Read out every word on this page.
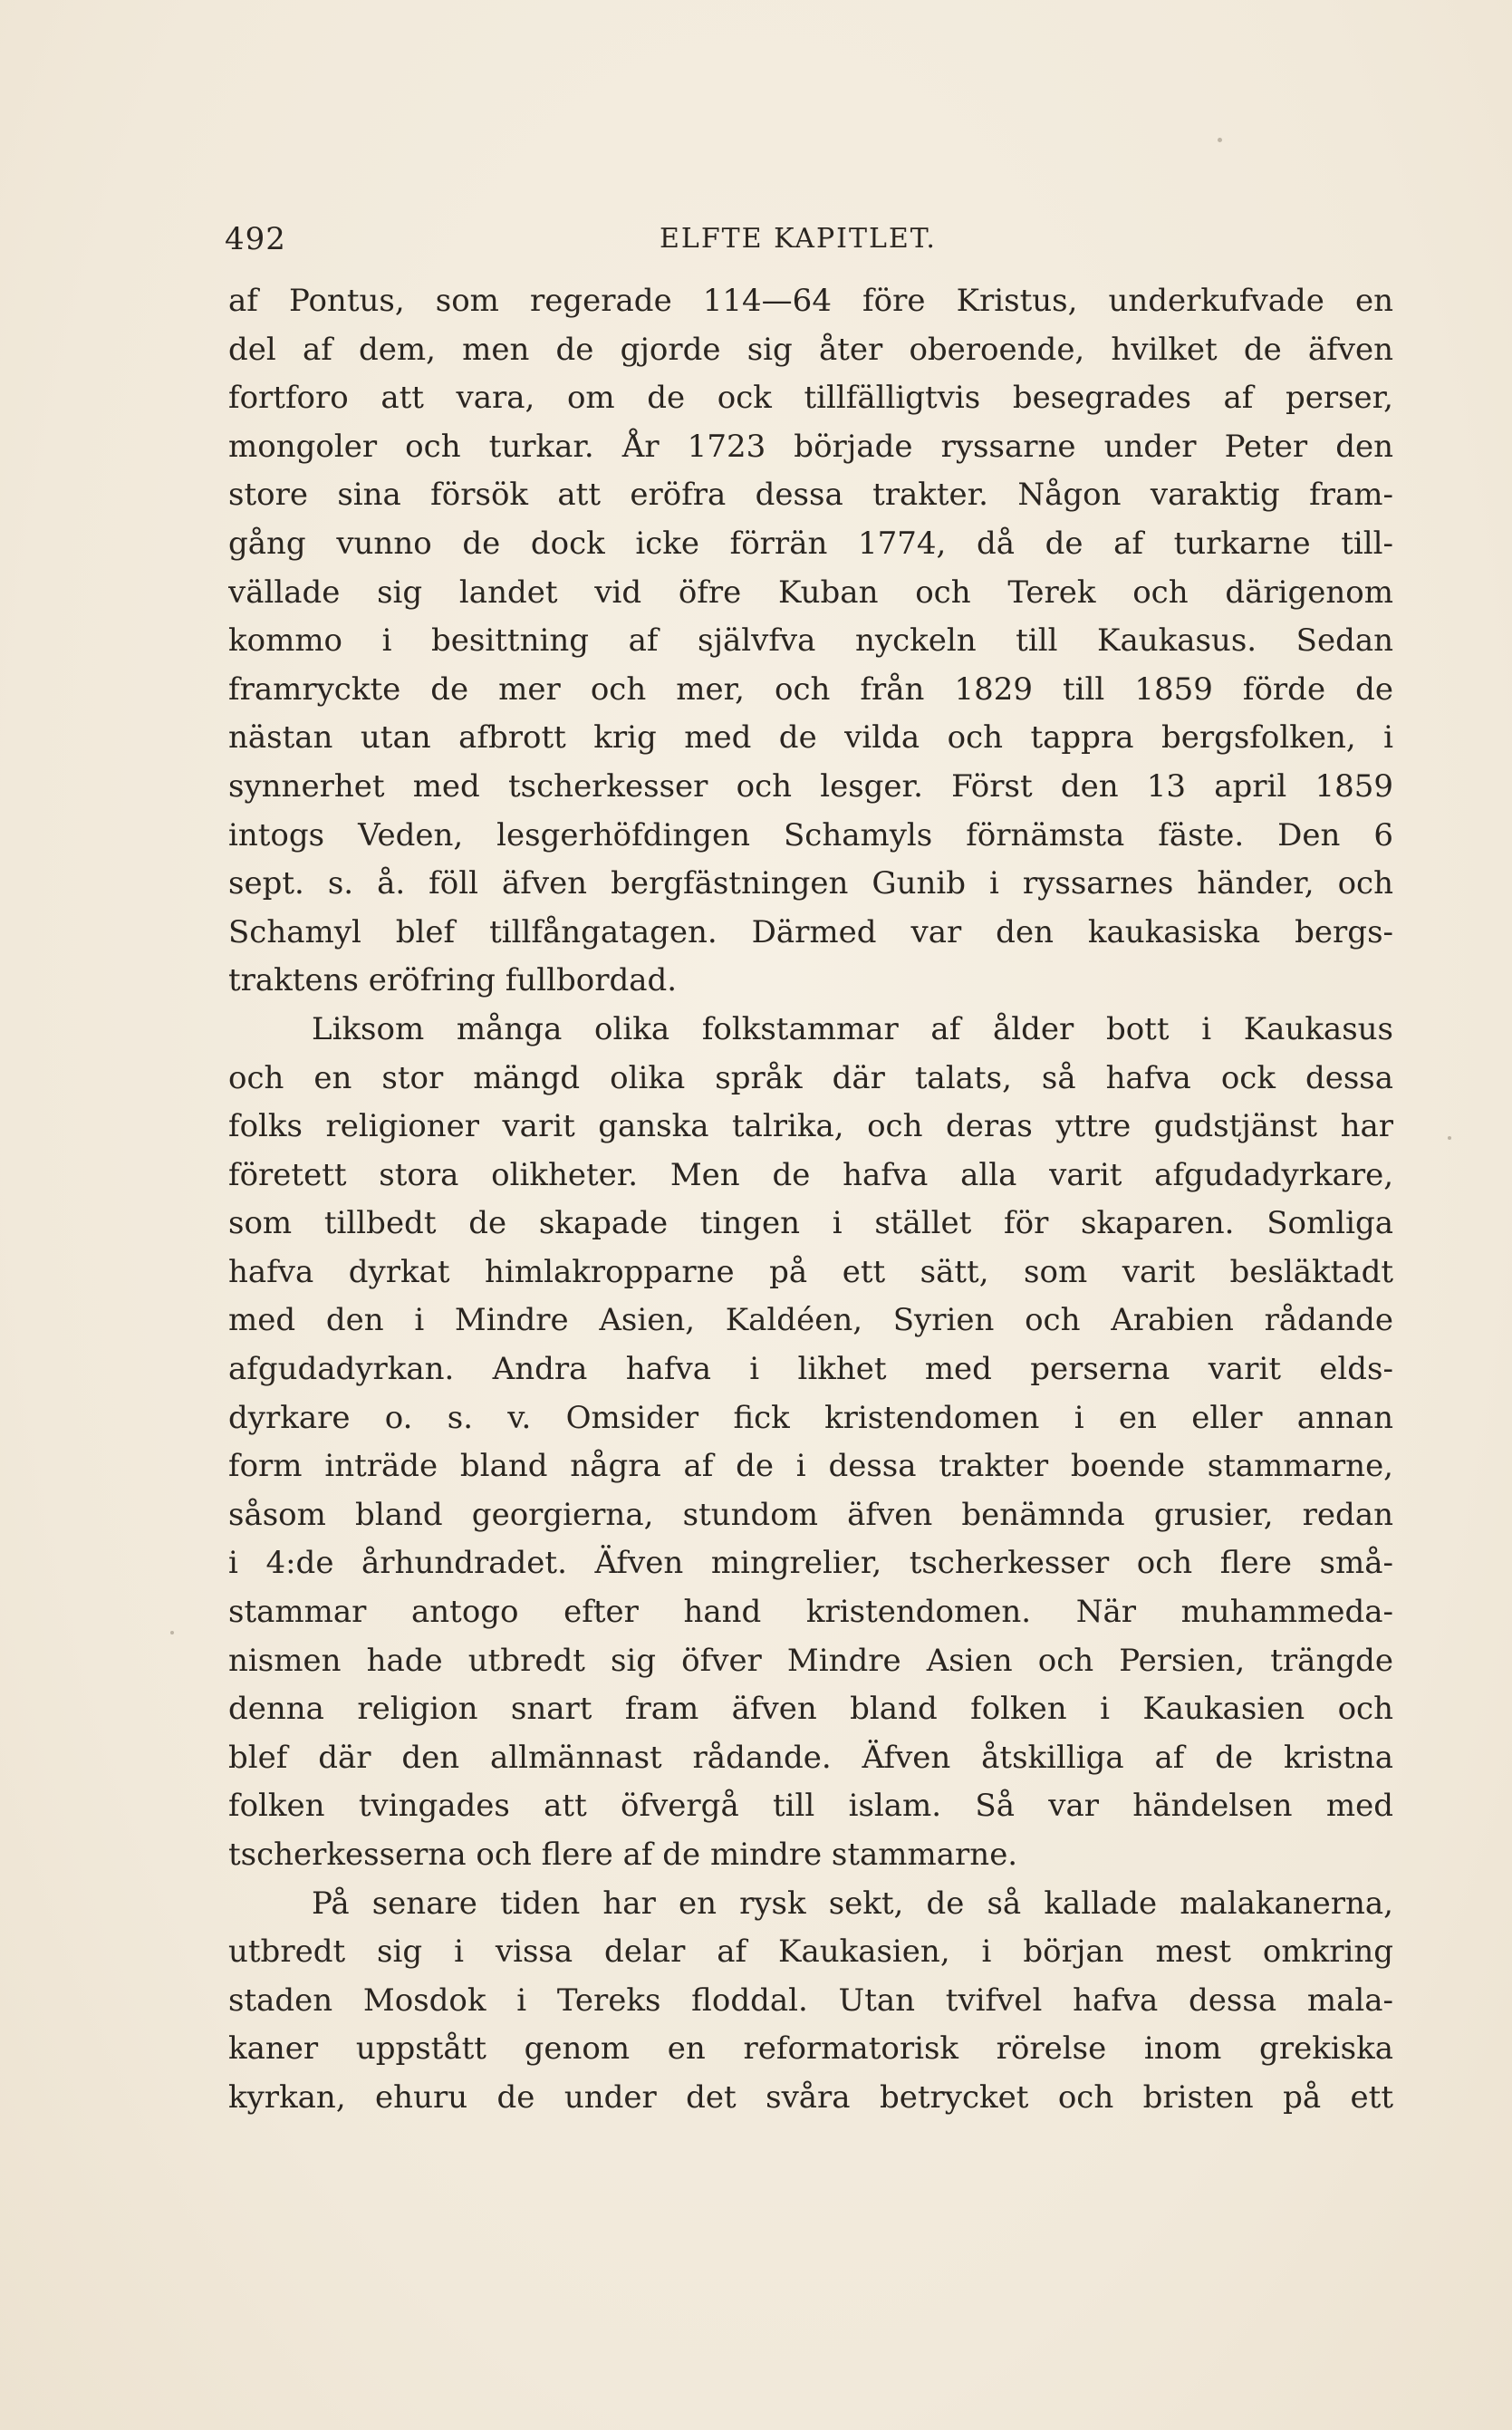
492	ELFTE KAPITLET.
af Pontus, som regerade 114—64 före Kristus, underkufvade en
del af dem, men de gjorde sig åter oberoende, hvilket de äfven
fortforo att vara, om de ock tillfälligtvis besegrades af perser,
mongoler och turkar. År 1723 började ryssarne under Peter den
store sina försök att eröfra dessa trakter. Någon varaktig fram-
gång vunno de dock icke förrän 1774, då de af turkarne till-
vällade sig landet vid öfre Kuban och Terek och därigenom
kommo i besittning af självfva nyckeln till Kaukasus. Sedan
framryckte de mer och mer, och från 1829 till 1859 förde de
nästan utan afbrott krig med de vilda och tappra bergsfolken, i
synnerhet med tscherkesser och lesger. Först den 13 april 1859
intogs Veden, lesgerhöfdingen Schamyls förnämsta fäste. Den 6
sept. s. å. föll äfven bergfästningen Gunib i ryssarnes händer, och
Schamyl blef tillfångatagen. Därmed var den kaukasiska bergs-
traktens eröfring fullbordad.
Liksom många olika folkstammar af ålder bott i Kaukasus
och en stor mängd olika språk där talats, så hafva ock dessa
folks religioner varit ganska talrika, och deras yttre gudstjänst har
företett stora olikheter. Men de hafva alla varit afgudadyrkare,
som tillbedt de skapade tingen i stället för skaparen. Somliga
hafva dyrkat himlakropparne på ett sätt, som varit besläktadt
med den i Mindre Asien, Kaldéen, Syrien och Arabien rådande
afgudadyrkan. Andra hafva i likhet med perserna varit elds-
dyrkare o. s. v. Omsider fick kristendomen i en eller annan
form inträde bland några af de i dessa trakter boende stammarne,
såsom bland georgierna, stundom äfven benämnda grusier, redan
i 4:de århundradet. Äfven mingrelier, tscherkesser och flere små-
stammar antogo efter hand kristendomen. När muhammeda-
nismen hade utbredt sig öfver Mindre Asien och Persien, trängde
denna religion snart fram äfven bland folken i Kaukasien och
blef där den allmännast rådande. Äfven åtskilliga af de kristna
folken tvingades att öfvergå till islam. Så var händelsen med
tscherkesserna och flere af de mindre stammarne.
På senare tiden har en rysk sekt, de så kallade malakanerna,
utbredt sig i vissa delar af Kaukasien, i början mest omkring
staden Mosdok i Tereks floddal. Utan tvifvel hafva dessa mala-
kaner uppstått genom en reformatorisk rörelse inom grekiska
kyrkan, ehuru de under det svåra betrycket och bristen på ett
